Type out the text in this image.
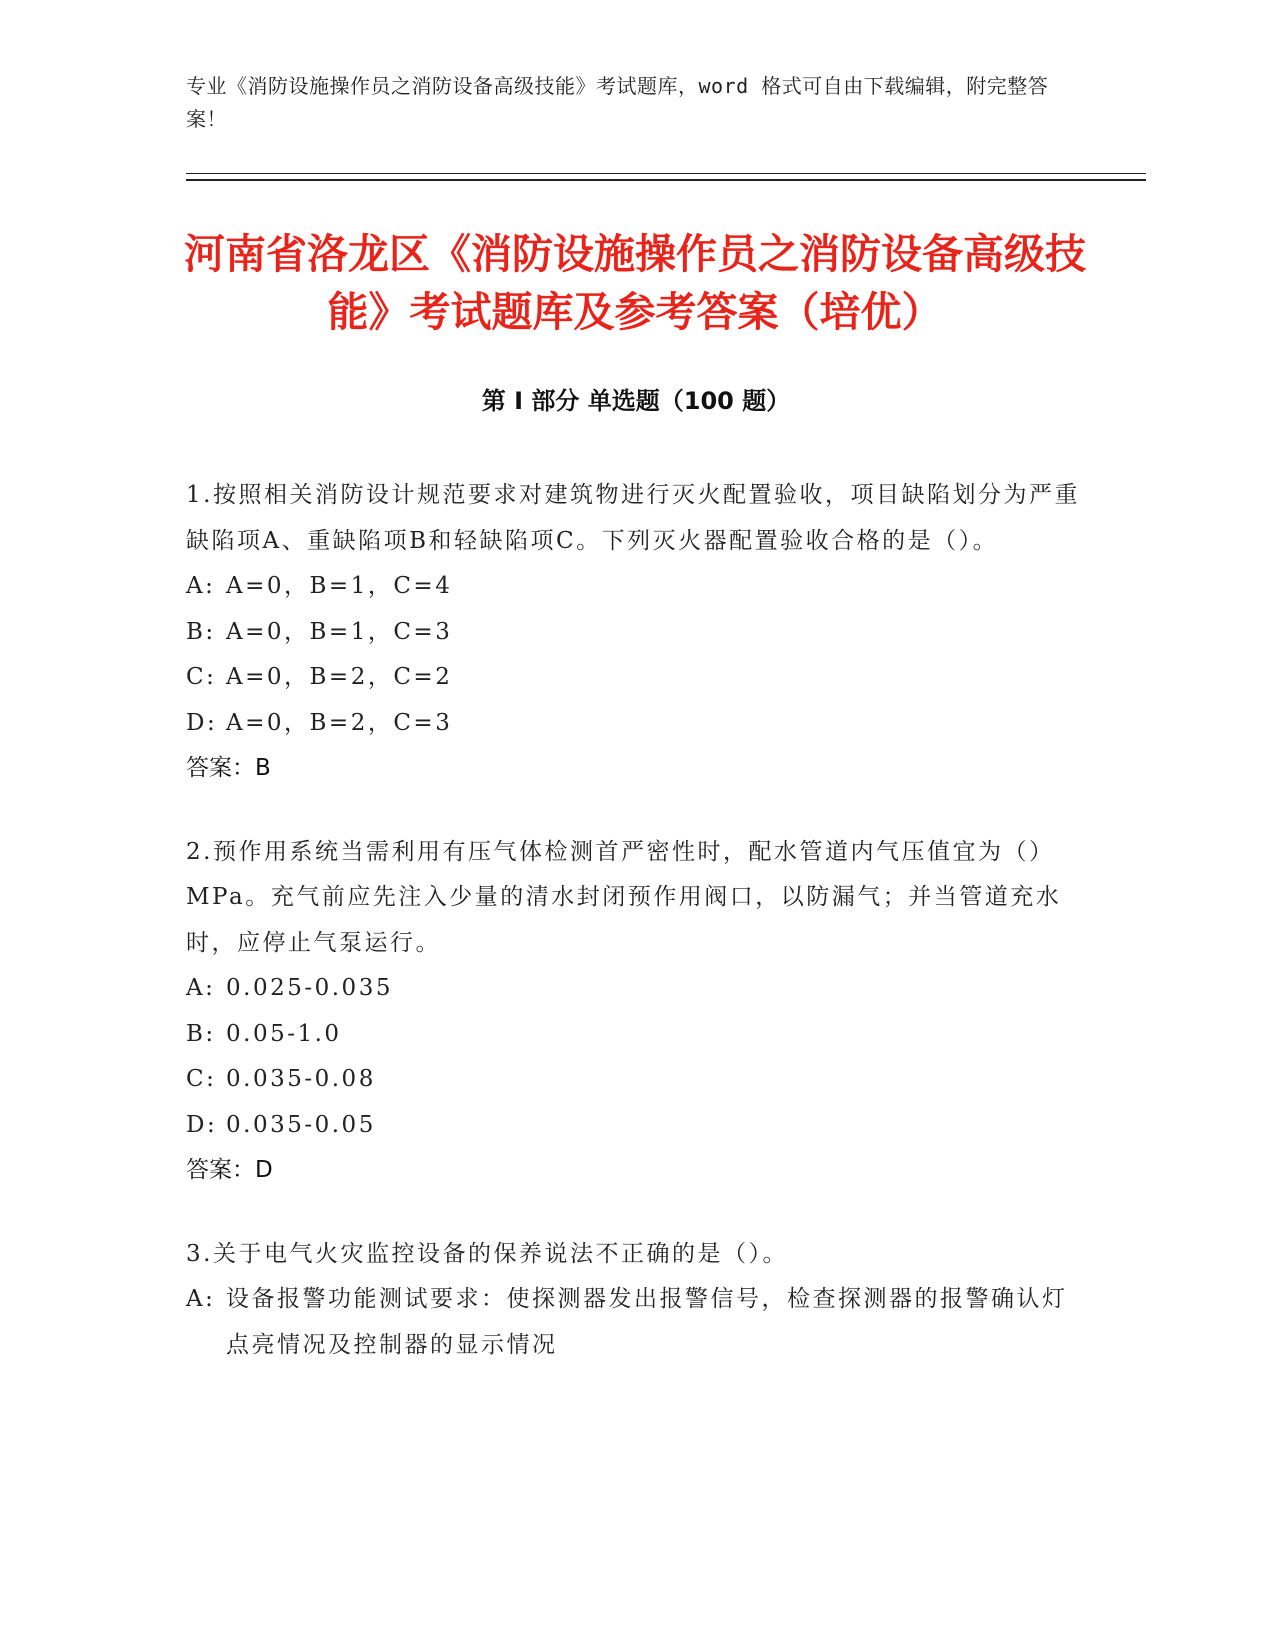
专业《消防设施操作员之消防设备高级技能》考试题库，word 格式可自由下载编辑，附完整答案！
河南省洛龙区《消防设施操作员之消防设备高级技能》考试题库及参考答案（培优）
第 I 部分 单选题（100 题）

1.按照相关消防设计规范要求对建筑物进行灭火配置验收，项目缺陷划分为严重缺陷项A、重缺陷项B和轻缺陷项C。下列灭火器配置验收合格的是（）。

A: A=0，B=1，C=4
B: A=0，B=1，C=3
C: A=0，B=2，C=2
D: A=0，B=2，C=3

答案：B

2.预作用系统当需利用有压气体检测首严密性时，配水管道内气压值宜为（）MPa。充气前应先注入少量的清水封闭预作用阀口，以防漏气；并当管道充水时，应停止气泵运行。

A: 0.025-0.035
B: 0.05-1.0
C: 0.035-0.08
D: 0.035-0.05

答案：D

3.关于电气火灾监控设备的保养说法不正确的是（）。

A: 设备报警功能测试要求：使探测器发出报警信号，检查探测器的报警确认灯点亮情况及控制器的显示情况
